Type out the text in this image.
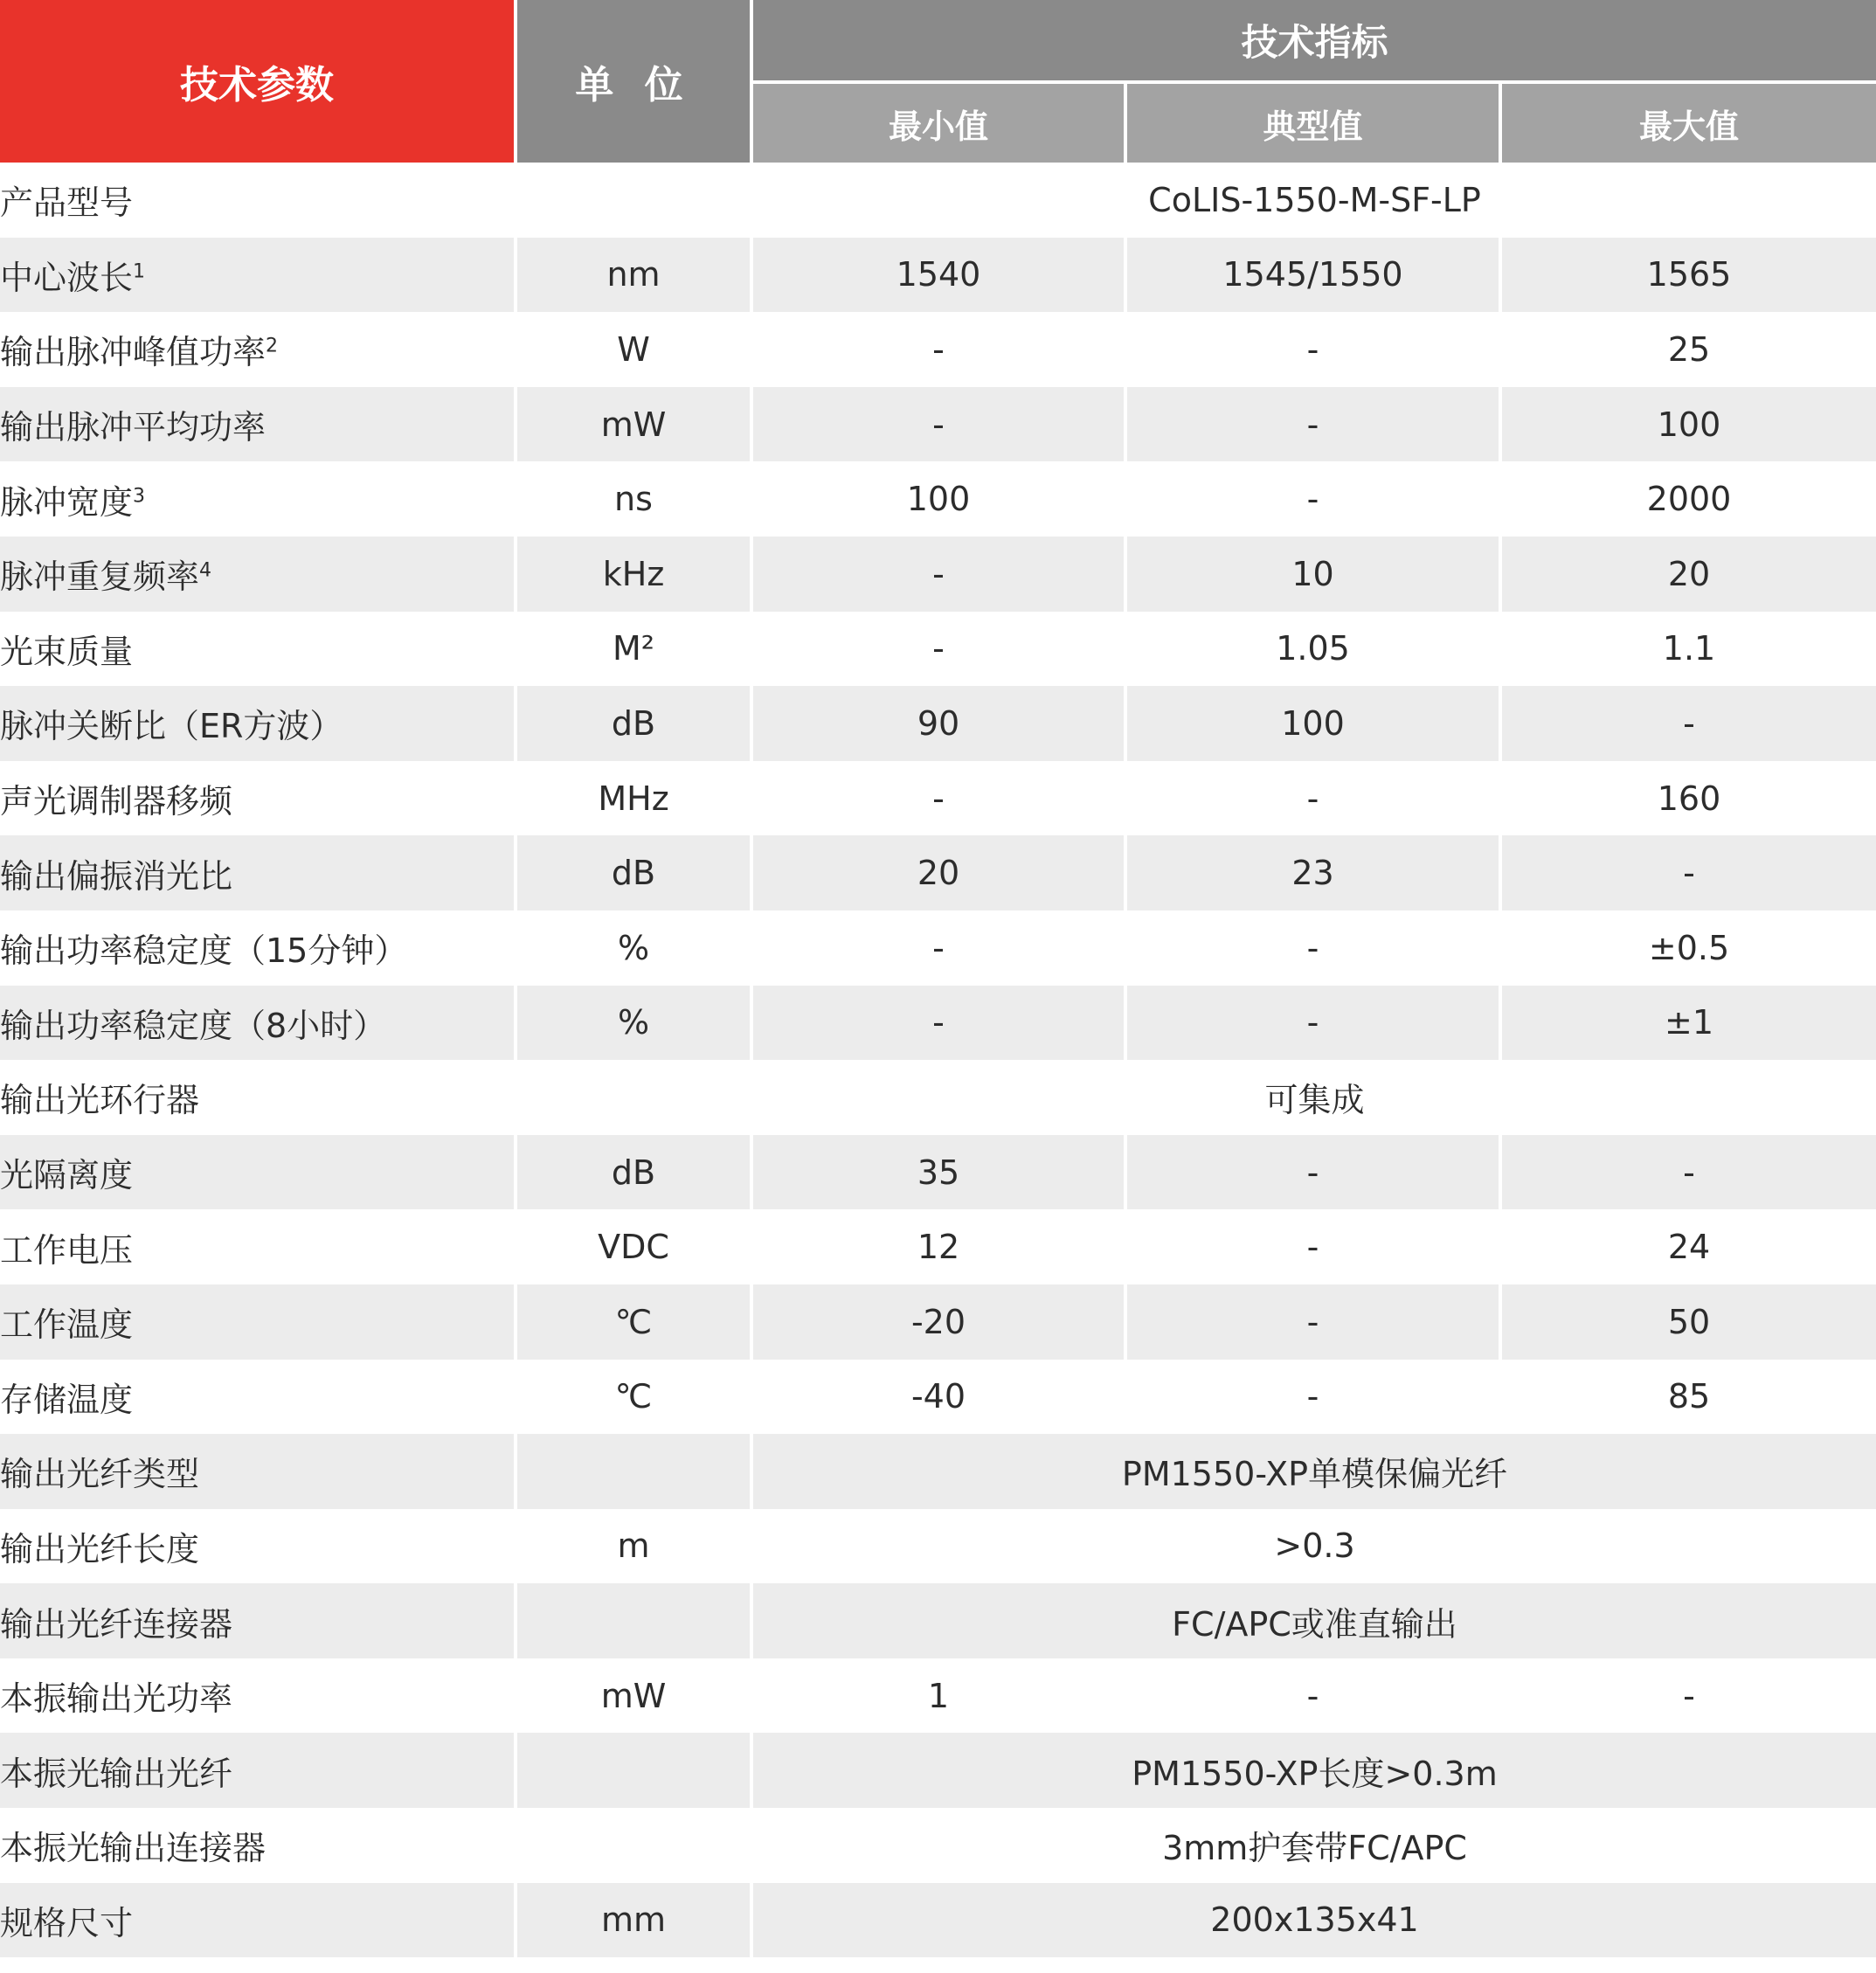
技术参数	单 位	技术指标		
		最小值	典型值	最大值
产品型号		CoLIS-1550-M-SF-LP		
中心波长$^1$	nm	1540	1545/1550	1565
输出脉冲峰值功率$^2$	W	-	-	25
输出脉冲平均功率	mW	-	-	100
脉冲宽度$^3$	ns	100	-	2000
脉冲重复频率$^4$	kHz	-	10	20
光束质量	M²	-	1.05	1.1
脉冲关断比（ER方波）	dB	90	100	-
声光调制器移频	MHz	-	-	160
输出偏振消光比	dB	20	23	-
输出功率稳定度（15分钟）	%	-	-	±0.5
输出功率稳定度（8小时）	%	-	-	±1
输出光环行器		可集成		
光隔离度	dB	35	-	-
工作电压	VDC	12	-	24
工作温度	℃	-20	-	50
存储温度	℃	-40	-	85
输出光纤类型		PM1550-XP单模保偏光纤		
输出光纤长度	m	>0.3		
输出光纤连接器		FC/APC或准直输出		
本振输出光功率	mW	1	-	-
本振光输出光纤		PM1550-XP长度>0.3m		
本振光输出连接器		3mm护套带FC/APC		
规格尺寸	mm	200x135x41		
